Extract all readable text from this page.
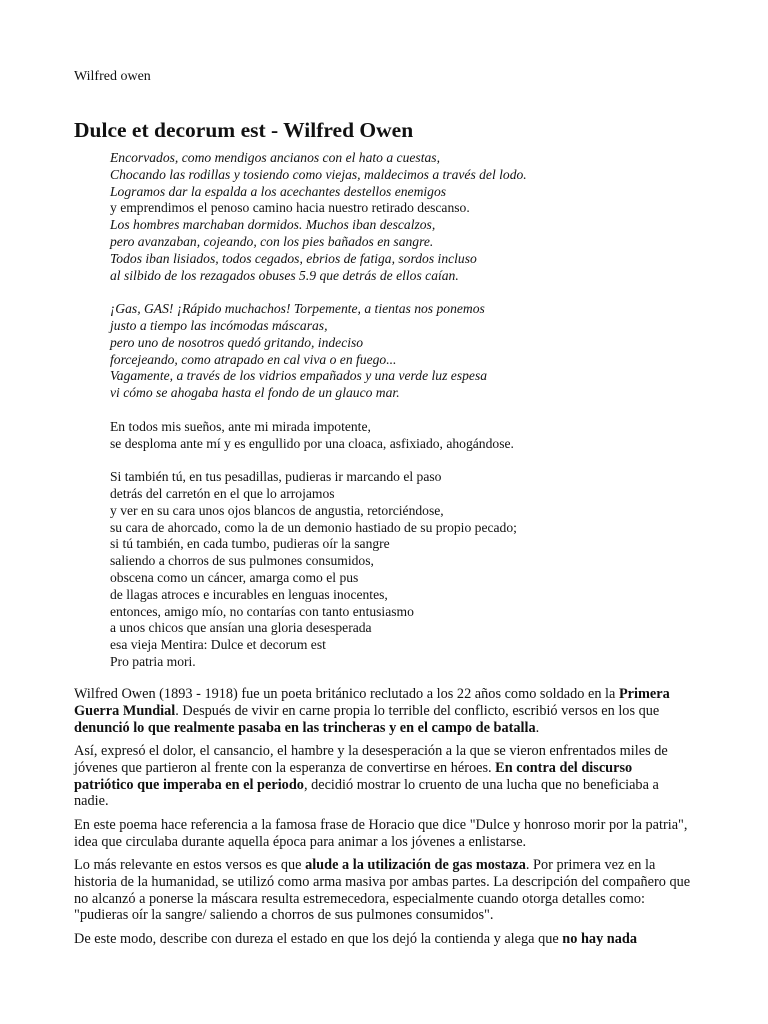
Wilfred owen
Dulce et decorum est - Wilfred Owen
Encorvados, como mendigos ancianos con el hato a cuestas,
Chocando las rodillas y tosiendo como viejas, maldecimos a través del lodo.
Logramos dar la espalda a los acechantes destellos enemigos
y emprendimos el penoso camino hacia nuestro retirado descanso.
Los hombres marchaban dormidos. Muchos iban descalzos,
pero avanzaban, cojeando, con los pies bañados en sangre.
Todos iban lisiados, todos cegados, ebrios de fatiga, sordos incluso
al silbido de los rezagados obuses 5.9 que detrás de ellos caían.
¡Gas, GAS! ¡Rápido muchachos! Torpemente, a tientas nos ponemos
justo a tiempo las incómodas máscaras,
pero uno de nosotros quedó gritando, indeciso
forcejeando, como atrapado en cal viva o en fuego...
Vagamente, a través de los vidrios empañados y una verde luz espesa
vi cómo se ahogaba hasta el fondo de un glauco mar.
En todos mis sueños, ante mi mirada impotente,
se desploma ante mí y es engullido por una cloaca, asfixiado, ahogándose.
Si también tú, en tus pesadillas, pudieras ir marcando el paso
detrás del carretón en el que lo arrojamos
y ver en su cara unos ojos blancos de angustia, retorciéndose,
su cara de ahorcado, como la de un demonio hastiado de su propio pecado;
si tú también, en cada tumbo, pudieras oír la sangre
saliendo a chorros de sus pulmones consumidos,
obscena como un cáncer, amarga como el pus
de llagas atroces e incurables en lenguas inocentes,
entonces, amigo mío, no contarías con tanto entusiasmo
a unos chicos que ansían una gloria desesperada
esa vieja Mentira: Dulce et decorum est
Pro patria mori.

Wilfred Owen (1893 - 1918) fue un poeta británico reclutado a los 22 años como soldado en la Primera Guerra Mundial. Después de vivir en carne propia lo terrible del conflicto, escribió versos en los que denunció lo que realmente pasaba en las trincheras y en el campo de batalla.

Así, expresó el dolor, el cansancio, el hambre y la desesperación a la que se vieron enfrentados miles de jóvenes que partieron al frente con la esperanza de convertirse en héroes. En contra del discurso patriótico que imperaba en el periodo, decidió mostrar lo cruento de una lucha que no beneficiaba a nadie.

En este poema hace referencia a la famosa frase de Horacio que dice "Dulce y honroso morir por la patria", idea que circulaba durante aquella época para animar a los jóvenes a enlistarse.

Lo más relevante en estos versos es que alude a la utilización de gas mostaza. Por primera vez en la historia de la humanidad, se utilizó como arma masiva por ambas partes. La descripción del compañero que no alcanzó a ponerse la máscara resulta estremecedora, especialmente cuando otorga detalles como: "pudieras oír la sangre/ saliendo a chorros de sus pulmones consumidos".

De este modo, describe con dureza el estado en que los dejó la contienda y alega que no hay nada
